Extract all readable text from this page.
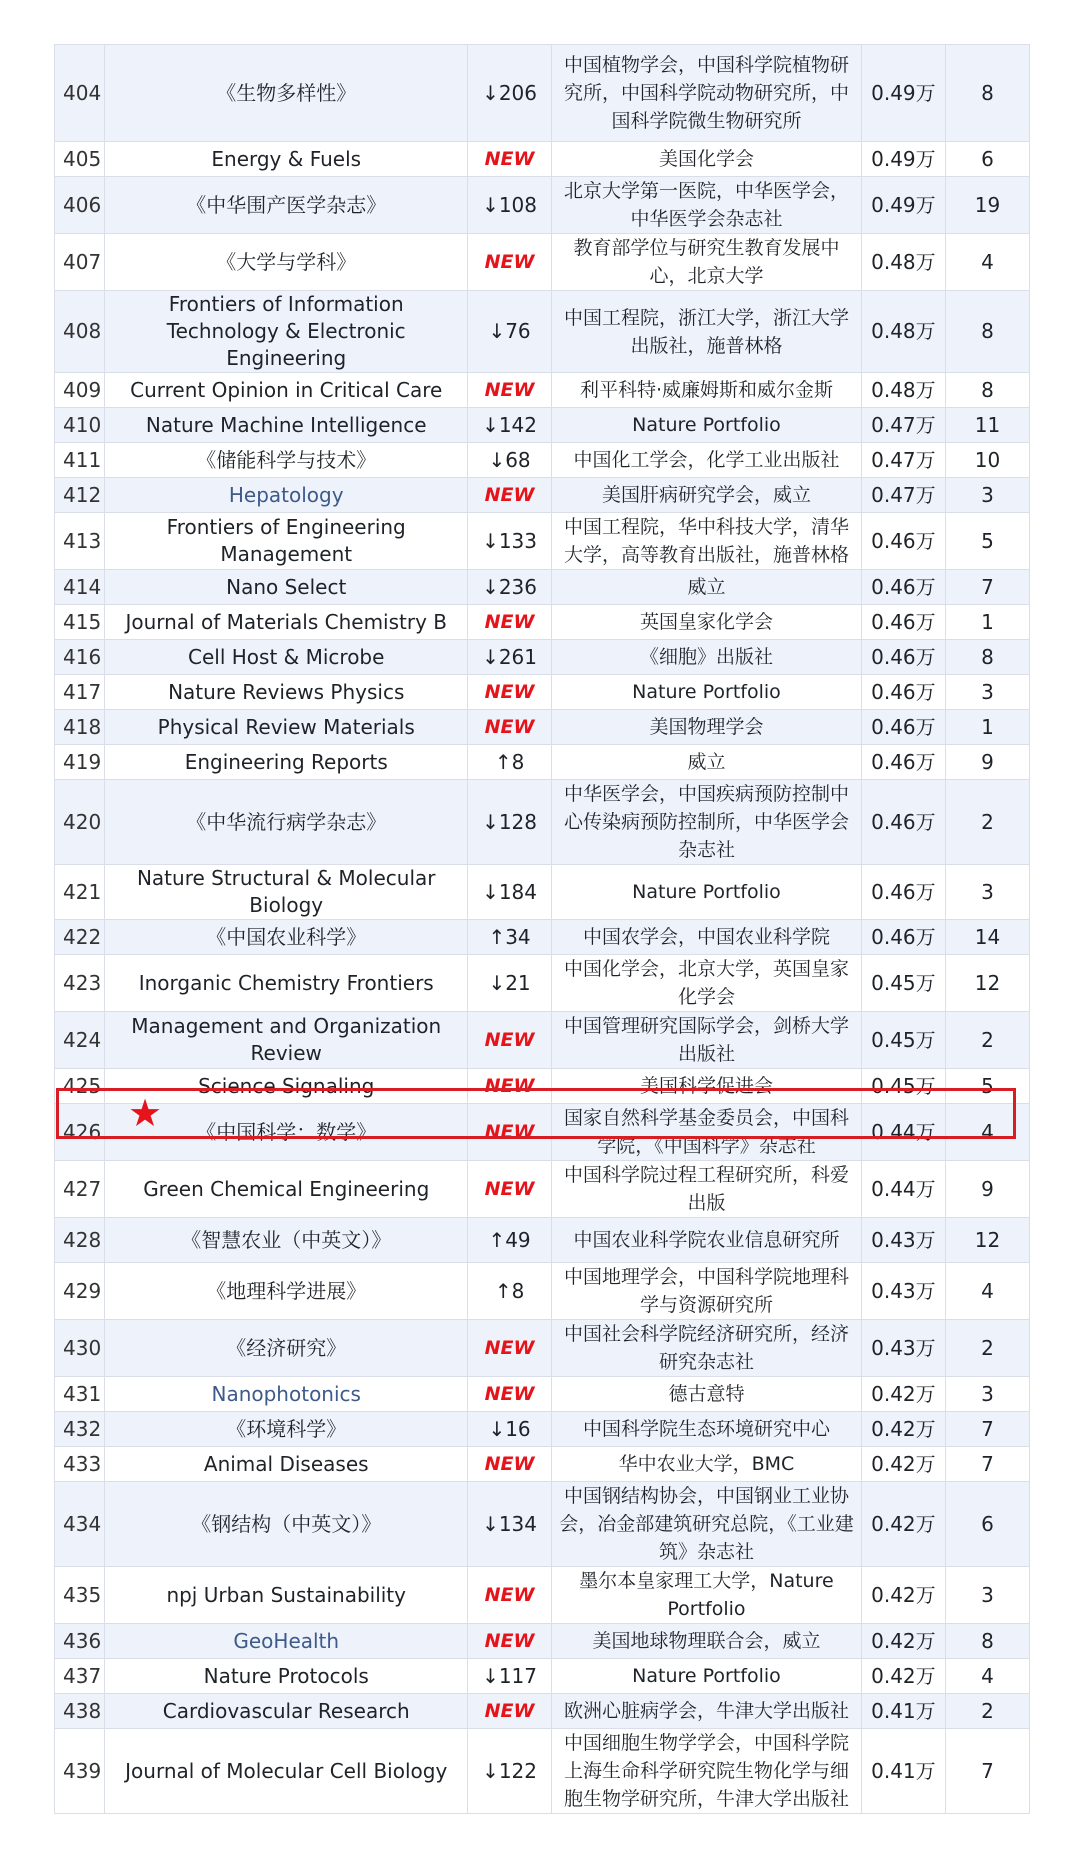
404	《生物多样性》	↓206	中国植物学会，中国科学院植物研究所，中国科学院动物研究所，中国科学院微生物研究所	0.49万	8
405	Energy & Fuels	NEW	美国化学会	0.49万	6
406	《中华围产医学杂志》	↓108	北京大学第一医院，中华医学会，中华医学会杂志社	0.49万	19
407	《大学与学科》	NEW	教育部学位与研究生教育发展中心，北京大学	0.48万	4
408	Frontiers of Information Technology & Electronic Engineering	↓76	中国工程院，浙江大学，浙江大学出版社，施普林格	0.48万	8
409	Current Opinion in Critical Care	NEW	利平科特·威廉姆斯和威尔金斯	0.48万	8
410	Nature Machine Intelligence	↓142	Nature Portfolio	0.47万	11
411	《储能科学与技术》	↓68	中国化工学会，化学工业出版社	0.47万	10
412	Hepatology	NEW	美国肝病研究学会，威立	0.47万	3
413	Frontiers of Engineering Management	↓133	中国工程院，华中科技大学，清华大学，高等教育出版社，施普林格	0.46万	5
414	Nano Select	↓236	威立	0.46万	7
415	Journal of Materials Chemistry B	NEW	英国皇家化学会	0.46万	1
416	Cell Host & Microbe	↓261	《细胞》出版社	0.46万	8
417	Nature Reviews Physics	NEW	Nature Portfolio	0.46万	3
418	Physical Review Materials	NEW	美国物理学会	0.46万	1
419	Engineering Reports	↑8	威立	0.46万	9
420	《中华流行病学杂志》	↓128	中华医学会，中国疾病预防控制中心传染病预防控制所，中华医学会杂志社	0.46万	2
421	Nature Structural & Molecular Biology	↓184	Nature Portfolio	0.46万	3
422	《中国农业科学》	↑34	中国农学会，中国农业科学院	0.46万	14
423	Inorganic Chemistry Frontiers	↓21	中国化学会，北京大学，英国皇家化学会	0.45万	12
424	Management and Organization Review	NEW	中国管理研究国际学会，剑桥大学出版社	0.45万	2
425	Science Signaling	NEW	美国科学促进会	0.45万	5
426	《中国科学：数学》	NEW	国家自然科学基金委员会，中国科学院，《中国科学》杂志社	0.44万	4
427	Green Chemical Engineering	NEW	中国科学院过程工程研究所，科爱出版	0.44万	9
428	《智慧农业（中英文）》	↑49	中国农业科学院农业信息研究所	0.43万	12
429	《地理科学进展》	↑8	中国地理学会，中国科学院地理科学与资源研究所	0.43万	4
430	《经济研究》	NEW	中国社会科学院经济研究所，经济研究杂志社	0.43万	2
431	Nanophotonics	NEW	德古意特	0.42万	3
432	《环境科学》	↓16	中国科学院生态环境研究中心	0.42万	7
433	Animal Diseases	NEW	华中农业大学，BMC	0.42万	7
434	《钢结构（中英文）》	↓134	中国钢结构协会，中国钢业工业协会，冶金部建筑研究总院，《工业建筑》杂志社	0.42万	6
435	npj Urban Sustainability	NEW	墨尔本皇家理工大学，Nature Portfolio	0.42万	3
436	GeoHealth	NEW	美国地球物理联合会，威立	0.42万	8
437	Nature Protocols	↓117	Nature Portfolio	0.42万	4
438	Cardiovascular Research	NEW	欧洲心脏病学会，牛津大学出版社	0.41万	2
439	Journal of Molecular Cell Biology	↓122	中国细胞生物学学会，中国科学院上海生命科学研究院生物化学与细胞生物学研究所，牛津大学出版社	0.41万	7
★
